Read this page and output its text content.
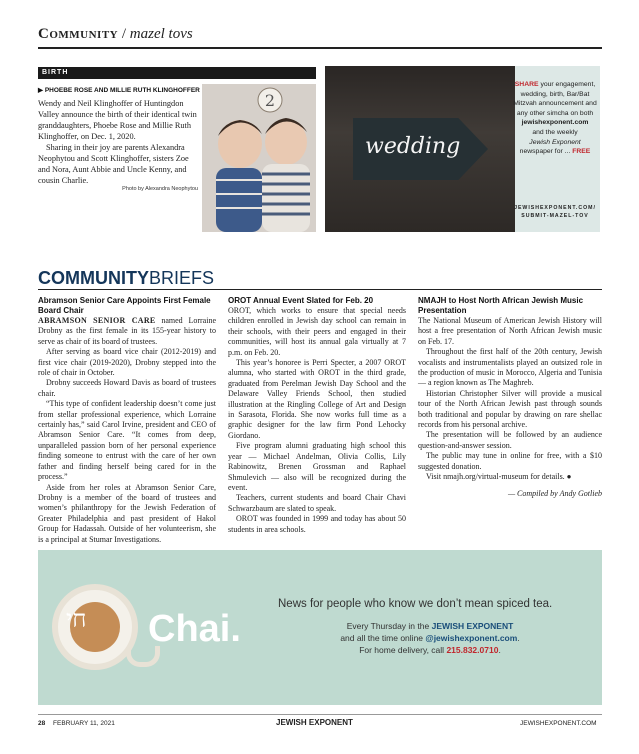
Community / mazel tovs
BIRTH
▶ PHOEBE ROSE AND MILLIE RUTH KLINGHOFFER

Wendy and Neil Klinghoffer of Huntingdon Valley announce the birth of their identical twin granddaughters, Phoebe Rose and Millie Ruth Klinghoffer, on Dec. 1, 2020.

Sharing in their joy are parents Alexandra Neophytou and Scott Klinghoffer, sisters Zoe and Nora, Aunt Abbie and Uncle Kenny, and cousin Charlie.

Photo by Alexandra Neophytou
2
wedding
SHARE your engagement, wedding, birth, Bar/Bat Mitzvah announcement and any other simcha on both
jewishexponent.com
and the weekly
Jewish Exponent
newspaper for ... FREE
JEWISHEXPONENT.COM/
SUBMIT-MAZEL-TOV
COMMUNITYBRIEFS
Abramson Senior Care Appoints First Female Board Chair

ABRAMSON SENIOR CARE named Lorraine Drobny as the first female in its 155-year history to serve as chair of its board of trustees.

After serving as board vice chair (2012-2019) and first vice chair (2019-2020), Drobny stepped into the role of chair in October.

Drobny succeeds Howard Davis as board of trustees chair.

“This type of confident leadership doesn’t come just from stellar professional experience, which Lorraine certainly has,” said Carol Irvine, president and CEO of Abramson Senior Care. “It comes from deep, unparalleled passion born of her personal experience finding someone to entrust with the care of her own father and finding herself being cared for in the process.”

Aside from her roles at Abramson Senior Care, Drobny is a member of the board of trustees and women’s philanthropy for the Jewish Federation of Greater Philadelphia and past president of Hakol Group for Hadassah. Outside of her volunteerism, she is a principal at Stumar Investigations.

OROT Annual Event Slated for Feb. 20

OROT, which works to ensure that special needs children enrolled in Jewish day school can remain in their schools, with their peers and engaged in their communities, will host its annual gala virtually at 7 p.m. on Feb. 20.

This year’s honoree is Perri Specter, a 2007 OROT alumna, who started with OROT in the third grade, graduated from Perelman Jewish Day School and the Delaware Valley Friends School, then studied illustration at the Ringling College of Art and Design in Sarasota, Florida. She now works full time as a graphic designer for the law firm Pond Lehocky Giordano.

Five program alumni graduating high school this year — Michael Andelman, Olivia Collis, Lily Rabinowitz, Brenen Grossman and Raphael Shmulevich — also will be recognized during the event.

Teachers, current students and board Chair Chavi Schwarzbaum are slated to speak.

OROT was founded in 1999 and today has about 50 students in area schools.

NMAJH to Host North African Jewish Music Presentation

The National Museum of American Jewish History will host a free presentation of North African Jewish music on Feb. 17.

Throughout the first half of the 20th century, Jewish vocalists and instrumentalists played an outsized role in the production of music in Morocco, Algeria and Tunisia — a region known as The Maghreb.

Historian Christopher Silver will provide a musical tour of the North African Jewish past through sounds both traditional and popular by drawing on rare shellac records from his personal archive.

The presentation will be followed by an audience question-and-answer session.

The public may tune in online for free, with a $10 suggested donation.

Visit nmajh.org/virtual-museum for details. ●

— Compiled by Andy Gotlieb

חי Chai.
News for people who know we don’t mean spiced tea.
Every Thursday in the JEWISH EXPONENT
and all the time online @jewishexponent.com.
For home delivery, call 215.832.0710.
28 FEBRUARY 11, 2021	JEWISH EXPONENT	JEWISHEXPONENT.COM
